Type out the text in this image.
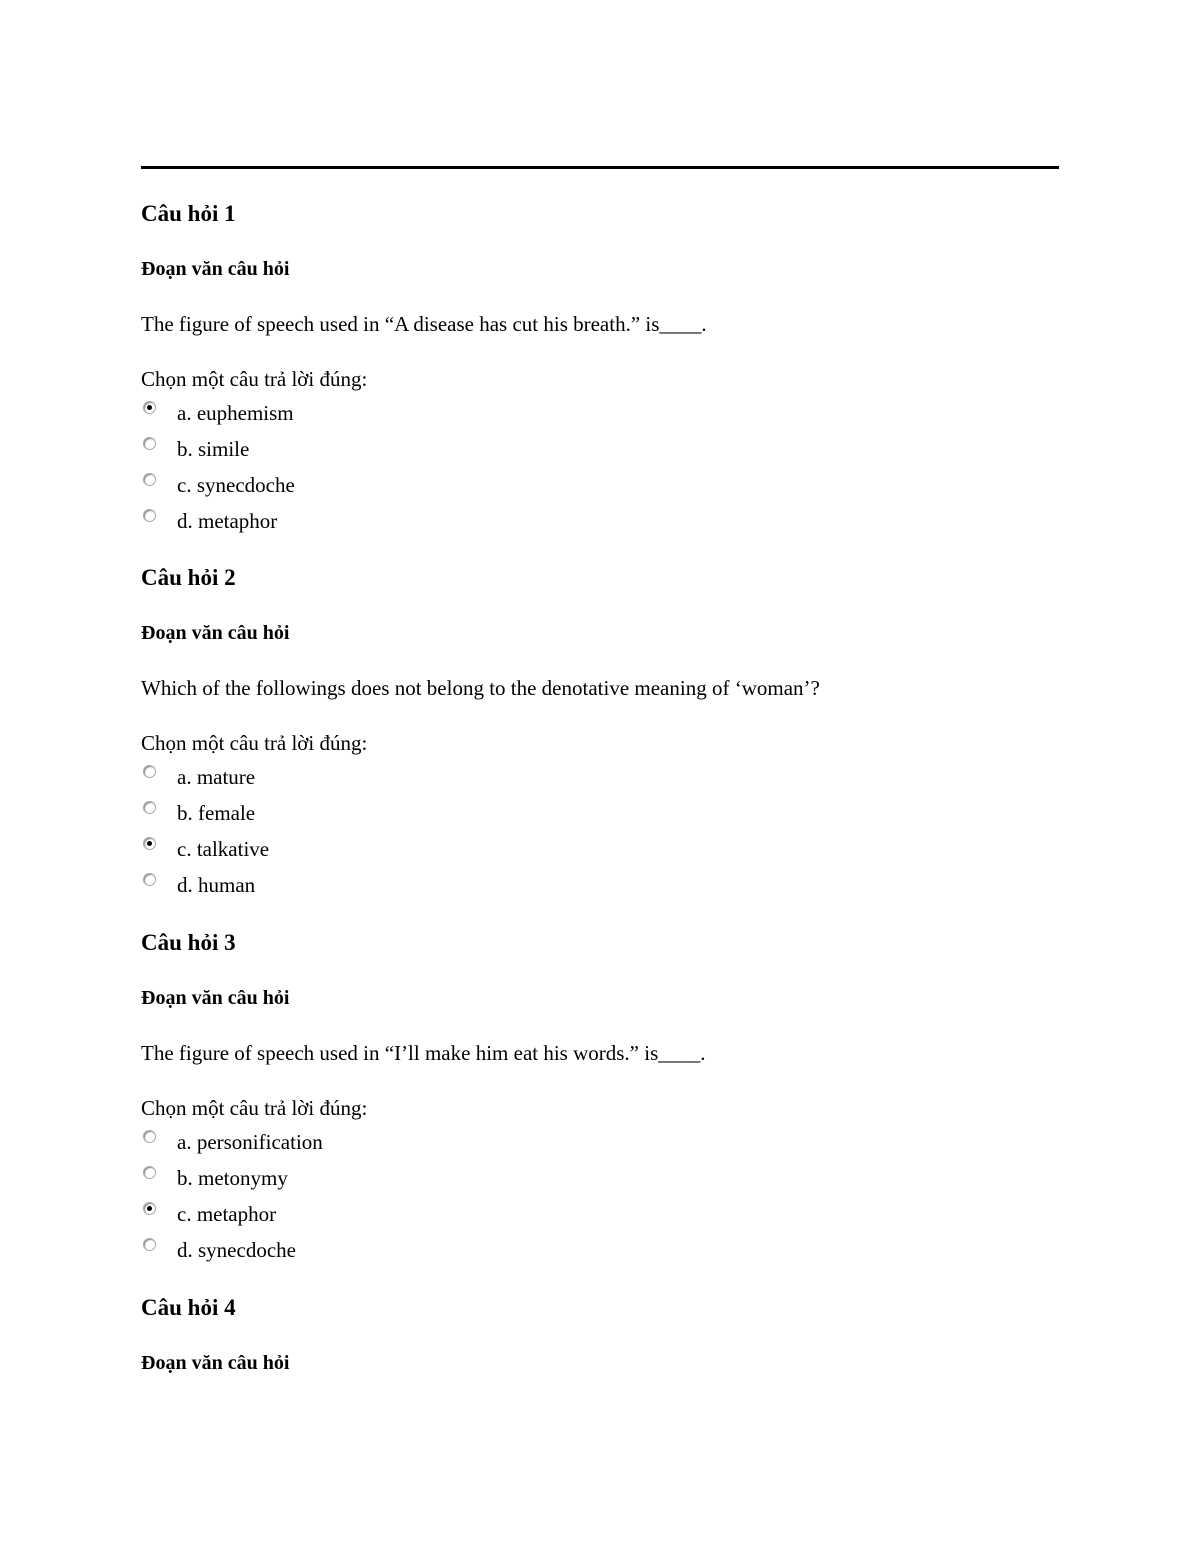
Câu hỏi 1
Đoạn văn câu hỏi
The figure of speech used in “A disease has cut his breath.” is____.
Chọn một câu trả lời đúng:
a. euphemism
b. simile
c. synecdoche
d. metaphor
Câu hỏi 2
Đoạn văn câu hỏi
Which of the followings does not belong to the denotative meaning of ‘woman’?
Chọn một câu trả lời đúng:
a. mature
b. female
c. talkative
d. human
Câu hỏi 3
Đoạn văn câu hỏi
The figure of speech used in “I’ll make him eat his words.” is____.
Chọn một câu trả lời đúng:
a. personification
b. metonymy
c. metaphor
d. synecdoche
Câu hỏi 4
Đoạn văn câu hỏi
